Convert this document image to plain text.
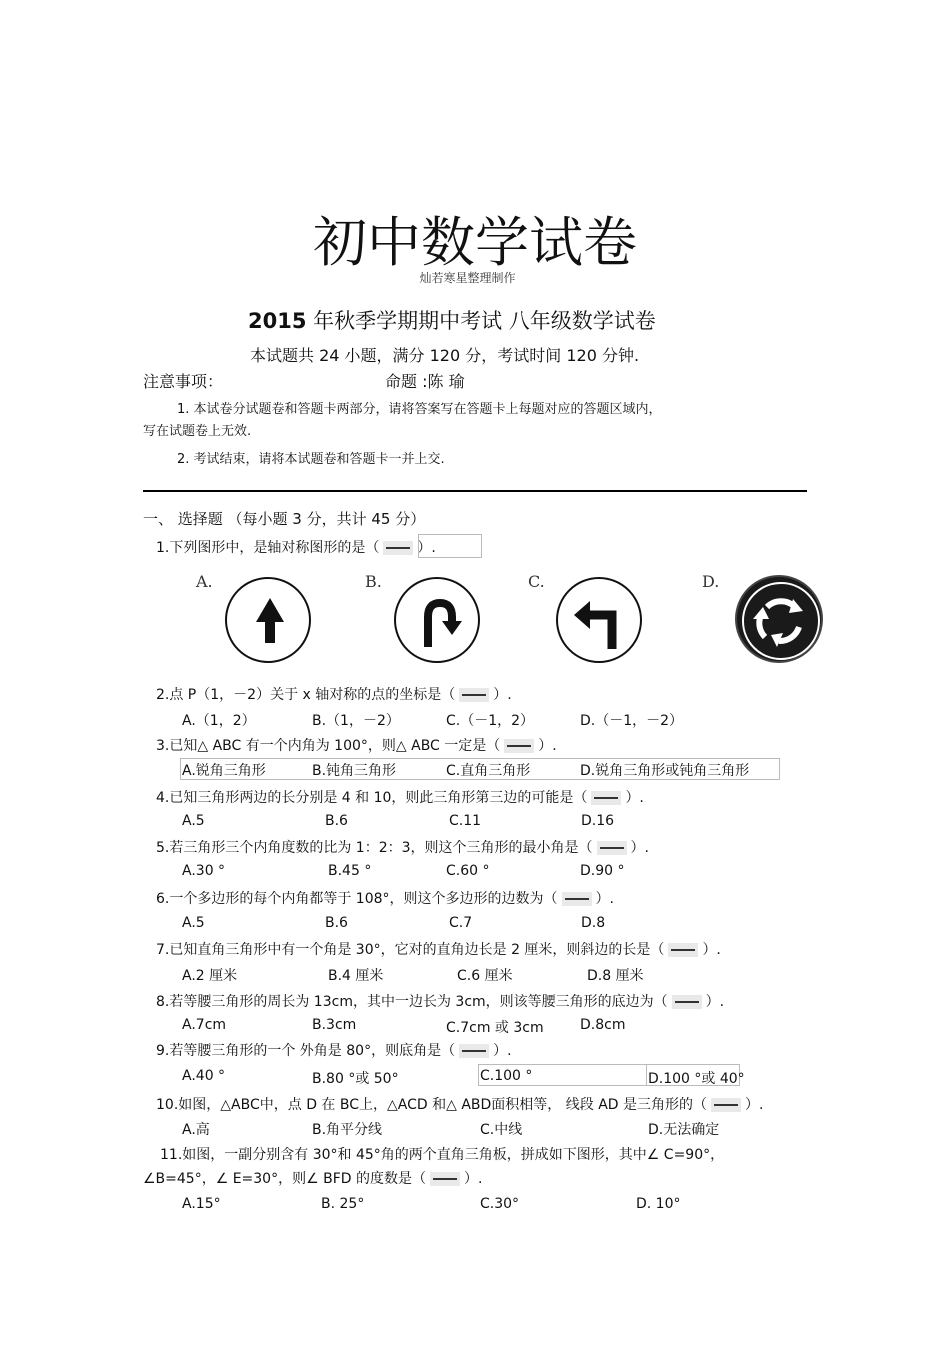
初中数学试卷
灿若寒星整理制作
2015 年秋季学期期中考试 八年级数学试卷
本试题共 24 小题，满分 120 分，考试时间 120 分钟.
注意事项：	命题 :陈 瑜
1. 本试卷分试题卷和答题卡两部分，请将答案写在答题卡上每题对应的答题区域内，
写在试题卷上无效.
2. 考试结束，请将本试题卷和答题卡一并上交.
一、 选择题 （每小题 3 分，共计 45 分）
1.下列图形中，是轴对称图形的是（	）.
A.	B.	C.	D.
2.点 P（1，－2）关于 x 轴对称的点的坐标是（	）.
A.（1，2）	B.（1，－2）	C.（－1，2）	D.（－1，－2）
3.已知△ ABC 有一个内角为 100°，则△ ABC 一定是（	）.
A.锐角三角形	B.钝角三角形	C.直角三角形	D.锐角三角形或钝角三角形
4.已知三角形两边的长分别是 4 和 10，则此三角形第三边的可能是（	）.
A.5	B.6	C.11	D.16
5.若三角形三个内角度数的比为 1：2：3，则这个三角形的最小角是（	）.
A.30 °	B.45 °	C.60 °	D.90 °
6.一个多边形的每个内角都等于 108°，则这个多边形的边数为（	）.
A.5	B.6	C.7	D.8
7.已知直角三角形中有一个角是 30°，它对的直角边长是 2 厘米，则斜边的长是（	）.
A.2 厘米	B.4 厘米	C.6 厘米	D.8 厘米
8.若等腰三角形的周长为 13cm，其中一边长为 3cm，则该等腰三角形的底边为（	）.
A.7cm	B.3cm	C.7cm 或 3cm	D.8cm
9.若等腰三角形的一个 外角是 80°，则底角是（	）.
A.40 °	B.80 °或 50°	C.100 °	D.100 °或 40°
10.如图，△ABC中，点 D 在 BC上，△ACD 和△ ABD面积相等， 线段 AD 是三角形的（	）.
A.高	B.角平分线	C.中线	D.无法确定
11.如图，一副分别含有 30°和 45°角的两个直角三角板，拼成如下图形，其中∠ C=90°，
∠B=45°，∠ E=30°，则∠ BFD 的度数是（	）.
A.15°	B. 25°	C.30°	D. 10°
